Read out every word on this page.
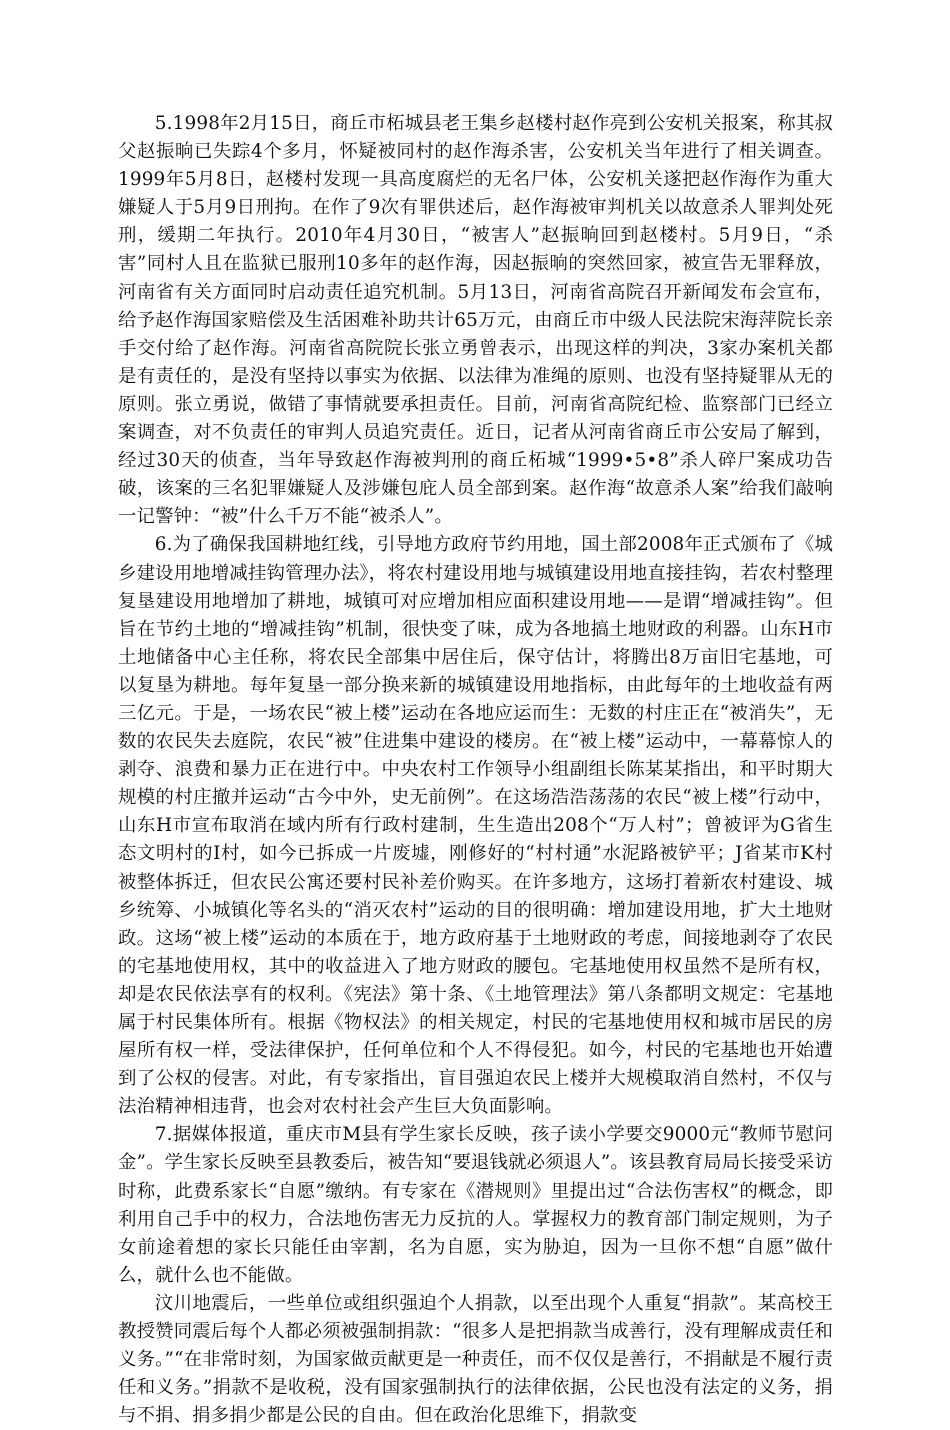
5.1998年2月15日，商丘市柘城县老王集乡赵楼村赵作亮到公安机关报案，称其叔父赵振晌已失踪4个多月，怀疑被同村的赵作海杀害，公安机关当年进行了相关调查。1999年5月8日，赵楼村发现一具高度腐烂的无名尸体，公安机关遂把赵作海作为重大嫌疑人于5月9日刑拘。在作了9次有罪供述后，赵作海被审判机关以故意杀人罪判处死刑，缓期二年执行。2010年4月30日，“被害人”赵振晌回到赵楼村。5月9日，“杀害”同村人且在监狱已服刑10多年的赵作海，因赵振晌的突然回家，被宣告无罪释放，河南省有关方面同时启动责任追究机制。5月13日，河南省高院召开新闻发布会宣布，给予赵作海国家赔偿及生活困难补助共计65万元，由商丘市中级人民法院宋海萍院长亲手交付给了赵作海。河南省高院院长张立勇曾表示，出现这样的判决，3家办案机关都是有责任的，是没有坚持以事实为依据、以法律为准绳的原则、也没有坚持疑罪从无的原则。张立勇说，做错了事情就要承担责任。目前，河南省高院纪检、监察部门已经立案调查，对不负责任的审判人员追究责任。近日，记者从河南省商丘市公安局了解到，经过30天的侦查，当年导致赵作海被判刑的商丘柘城“1999•5•8”杀人碎尸案成功告破，该案的三名犯罪嫌疑人及涉嫌包庇人员全部到案。赵作海“故意杀人案”给我们敲响一记警钟：“被”什么千万不能“被杀人”。

6.为了确保我国耕地红线，引导地方政府节约用地，国土部2008年正式颁布了《城乡建设用地增减挂钩管理办法》，将农村建设用地与城镇建设用地直接挂钩，若农村整理复垦建设用地增加了耕地，城镇可对应增加相应面积建设用地——是谓“增减挂钩”。但旨在节约土地的“增减挂钩”机制，很快变了味，成为各地搞土地财政的利器。山东H市土地储备中心主任称，将农民全部集中居住后，保守估计，将腾出8万亩旧宅基地，可以复垦为耕地。每年复垦一部分换来新的城镇建设用地指标，由此每年的土地收益有两三亿元。于是，一场农民“被上楼”运动在各地应运而生：无数的村庄正在“被消失”，无数的农民失去庭院，农民“被”住进集中建设的楼房。在“被上楼”运动中，一幕幕惊人的剥夺、浪费和暴力正在进行中。中央农村工作领导小组副组长陈某某指出，和平时期大规模的村庄撤并运动“古今中外，史无前例”。在这场浩浩荡荡的农民“被上楼”行动中，山东H市宣布取消在域内所有行政村建制，生生造出208个“万人村”；曾被评为G省生态文明村的I村，如今已拆成一片废墟，刚修好的“村村通”水泥路被铲平；J省某市K村被整体拆迁，但农民公寓还要村民补差价购买。在许多地方，这场打着新农村建设、城乡统筹、小城镇化等名头的“消灭农村”运动的目的很明确：增加建设用地，扩大土地财政。这场“被上楼”运动的本质在于，地方政府基于土地财政的考虑，间接地剥夺了农民的宅基地使用权，其中的收益进入了地方财政的腰包。宅基地使用权虽然不是所有权，却是农民依法享有的权利。《宪法》第十条、《土地管理法》第八条都明文规定：宅基地属于村民集体所有。根据《物权法》的相关规定，村民的宅基地使用权和城市居民的房屋所有权一样，受法律保护，任何单位和个人不得侵犯。如今，村民的宅基地也开始遭到了公权的侵害。对此，有专家指出，盲目强迫农民上楼并大规模取消自然村，不仅与法治精神相违背，也会对农村社会产生巨大负面影响。

7.据媒体报道，重庆市M县有学生家长反映，孩子读小学要交9000元“教师节慰问金”。学生家长反映至县教委后，被告知“要退钱就必须退人”。该县教育局局长接受采访时称，此费系家长“自愿”缴纳。有专家在《潜规则》里提出过“合法伤害权”的概念，即利用自己手中的权力，合法地伤害无力反抗的人。掌握权力的教育部门制定规则，为子女前途着想的家长只能任由宰割，名为自愿，实为胁迫，因为一旦你不想“自愿”做什么，就什么也不能做。

汶川地震后，一些单位或组织强迫个人捐款，以至出现个人重复“捐款”。某高校王教授赞同震后每个人都必须被强制捐款：“很多人是把捐款当成善行，没有理解成责任和义务。”“在非常时刻，为国家做贡献更是一种责任，而不仅仅是善行，不捐献是不履行责任和义务。”捐款不是收税，没有国家强制执行的法律依据，公民也没有法定的义务，捐与不捐、捐多捐少都是公民的自由。但在政治化思维下，捐款变
